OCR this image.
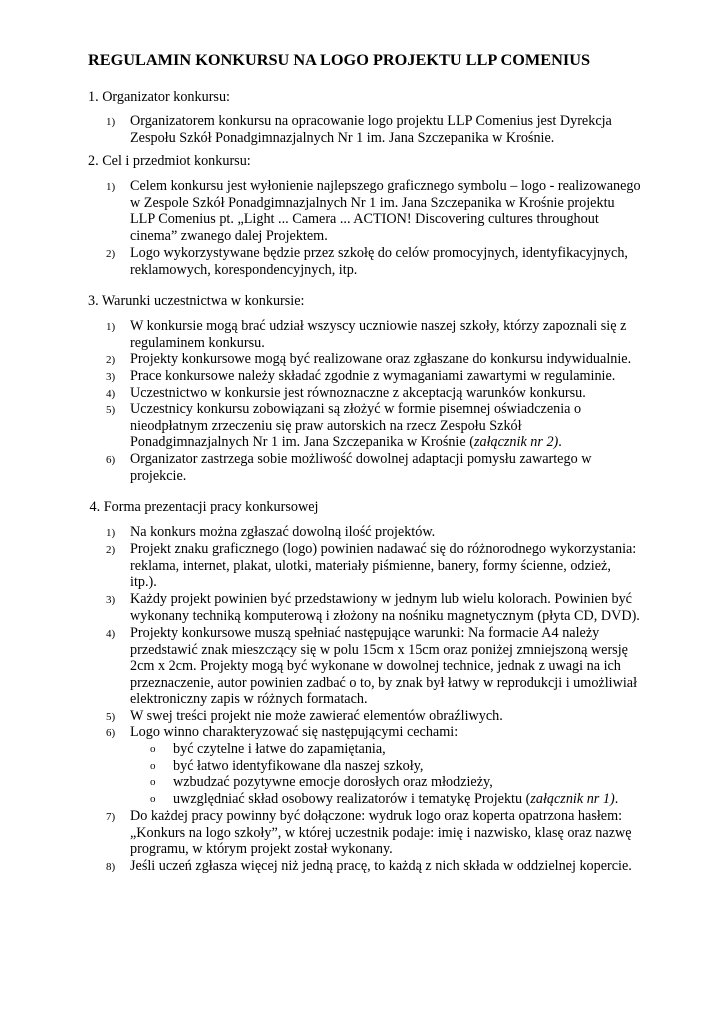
REGULAMIN KONKURSU NA LOGO PROJEKTU LLP COMENIUS

1. Organizator konkursu:

1) Organizatorem konkursu na opracowanie logo projektu LLP Comenius jest Dyrekcja
Zespołu Szkół Ponadgimnazjalnych Nr 1 im. Jana Szczepanika w Krośnie.

2. Cel i przedmiot konkursu:

1) Celem konkursu jest wyłonienie najlepszego graficznego symbolu – logo - realizowanego
w Zespole Szkół Ponadgimnazjalnych Nr 1 im. Jana Szczepanika w Krośnie projektu
LLP Comenius pt. „Light ... Camera ... ACTION! Discovering cultures throughout
cinema” zwanego dalej Projektem.
2) Logo wykorzystywane będzie przez szkołę do celów promocyjnych, identyfikacyjnych,
reklamowych, korespondencyjnych, itp.

3. Warunki uczestnictwa w konkursie:

1) W konkursie mogą brać udział wszyscy uczniowie naszej szkoły, którzy zapoznali się z
regulaminem konkursu.
2) Projekty konkursowe mogą być realizowane oraz zgłaszane do konkursu indywidualnie.
3) Prace konkursowe należy składać zgodnie z wymaganiami zawartymi w regulaminie.
4) Uczestnictwo w konkursie jest równoznaczne z akceptacją warunków konkursu.
5) Uczestnicy konkursu zobowiązani są złożyć w formie pisemnej oświadczenia o
nieodpłatnym zrzeczeniu się praw autorskich na rzecz Zespołu Szkół
Ponadgimnazjalnych Nr 1 im. Jana Szczepanika w Krośnie (załącznik nr 2).
6) Organizator zastrzega sobie możliwość dowolnej adaptacji pomysłu zawartego w
projekcie.

4. Forma prezentacji pracy konkursowej

1) Na konkurs można zgłaszać dowolną ilość projektów.
2) Projekt znaku graficznego (logo) powinien nadawać się do różnorodnego wykorzystania:
reklama, internet, plakat, ulotki, materiały piśmienne, banery, formy ścienne, odzież,
itp.).
3) Każdy projekt powinien być przedstawiony w jednym lub wielu kolorach. Powinien być
wykonany techniką komputerową i złożony na nośniku magnetycznym (płyta CD, DVD).
4) Projekty konkursowe muszą spełniać następujące warunki: Na formacie A4 należy
przedstawić znak mieszczący się w polu 15cm x 15cm oraz poniżej zmniejszoną wersję
2cm x 2cm. Projekty mogą być wykonane w dowolnej technice, jednak z uwagi na ich
przeznaczenie, autor powinien zadbać o to, by znak był łatwy w reprodukcji i umożliwiał
elektroniczny zapis w różnych formatach.
5) W swej treści projekt nie może zawierać elementów obraźliwych.
6) Logo winno charakteryzować się następującymi cechami:
o być czytelne i łatwe do zapamiętania,
o być łatwo identyfikowane dla naszej szkoły,
o wzbudzać pozytywne emocje dorosłych oraz młodzieży,
o uwzględniać skład osobowy realizatorów i tematykę Projektu (załącznik nr 1).
7) Do każdej pracy powinny być dołączone: wydruk logo oraz koperta opatrzona hasłem:
„Konkurs na logo szkoły”, w której uczestnik podaje: imię i nazwisko, klasę oraz nazwę
programu, w którym projekt został wykonany.
8) Jeśli uczeń zgłasza więcej niż jedną pracę, to każdą z nich składa w oddzielnej kopercie.
